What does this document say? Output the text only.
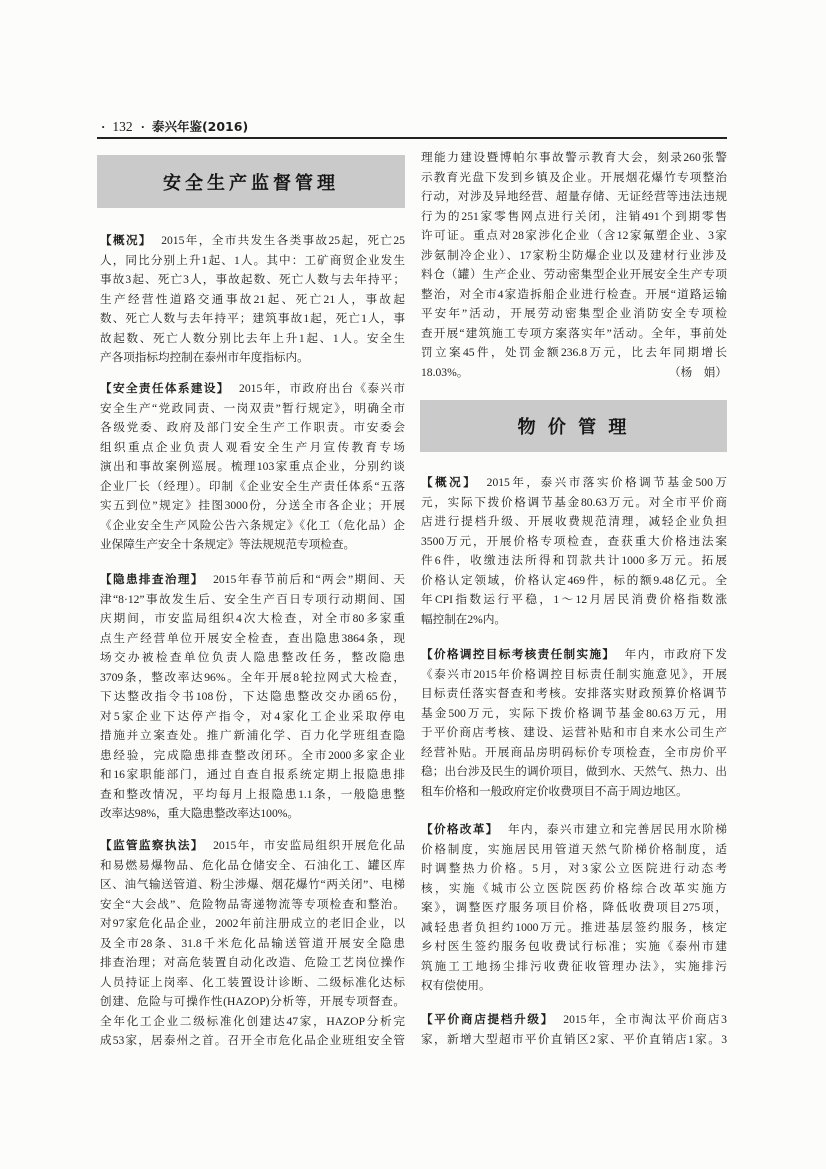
· 132 · 泰兴年鉴(2016)
安全生产监督管理
【概况】 2015年，全市共发生各类事故25起，死亡25
人，同比分别上升1起、1人。其中：工矿商贸企业发生
事故3起、死亡3人，事故起数、死亡人数与去年持平；
生产经营性道路交通事故21起、死亡21人，事故起
数、死亡人数与去年持平；建筑事故1起，死亡1人，事
故起数、死亡人数分别比去年上升1起、1人。安全生
产各项指标均控制在泰州市年度指标内。
【安全责任体系建设】 2015年，市政府出台《泰兴市
安全生产“党政同责、一岗双责”暂行规定》，明确全市
各级党委、政府及部门安全生产工作职责。市安委会
组织重点企业负责人观看安全生产月宣传教育专场
演出和事故案例巡展。梳理103家重点企业，分别约谈
企业厂长（经理）。印制《企业安全生产责任体系“五落
实五到位”规定》挂图3000份，分送全市各企业；开展
《企业安全生产风险公告六条规定》《化工（危化品）企
业保障生产安全十条规定》等法规规范专项检查。
【隐患排查治理】 2015年春节前后和“两会”期间、天
津“8·12”事故发生后、安全生产百日专项行动期间、国
庆期间，市安监局组织4次大检查，对全市80多家重
点生产经营单位开展安全检查，查出隐患3864条，现
场交办被检查单位负责人隐患整改任务，整改隐患
3709条，整改率达96%。全年开展8轮拉网式大检查，
下达整改指令书108份，下达隐患整改交办函65份，
对5家企业下达停产指令，对4家化工企业采取停电
措施并立案查处。推广新浦化学、百力化学班组查隐
患经验，完成隐患排查整改闭环。全市2000多家企业
和16家职能部门，通过自查自报系统定期上报隐患排
查和整改情况，平均每月上报隐患1.1条，一般隐患整
改率达98%，重大隐患整改率达100%。
【监管监察执法】 2015年，市安监局组织开展危化品
和易燃易爆物品、危化品仓储安全、石油化工、罐区库
区、油气输送管道、粉尘涉爆、烟花爆竹“两关闭”、电梯
安全“大会战”、危险物品寄递物流等专项检查和整治。
对97家危化品企业，2002年前注册成立的老旧企业，以
及全市28条、31.8千米危化品输送管道开展安全隐患
排查治理；对高危装置自动化改造、危险工艺岗位操作
人员持证上岗率、化工装置设计诊断、二级标准化达标
创建、危险与可操作性(HAZOP)分析等，开展专项督查。
全年化工企业二级标准化创建达47家，HAZOP分析完
成53家，居泰州之首。召开全市危化品企业班组安全管
理能力建设暨博帕尔事故警示教育大会，刻录260张警
示教育光盘下发到乡镇及企业。开展烟花爆竹专项整治
行动，对涉及异地经营、超量存储、无证经营等违法违规
行为的251家零售网点进行关闭，注销491个到期零售
许可证。重点对28家涉化企业（含12家氟塑企业、3家
涉氨制冷企业）、17家粉尘防爆企业以及建材行业涉及
料仓（罐）生产企业、劳动密集型企业开展安全生产专项
整治，对全市4家造拆船企业进行检查。开展“道路运输
平安年”活动，开展劳动密集型企业消防安全专项检
查开展“建筑施工专项方案落实年”活动。全年，事前处
罚立案45件，处罚金额236.8万元，比去年同期增长
18.03%。	（杨　娟）
物 价 管 理
【概况】 2015年，泰兴市落实价格调节基金500万
元，实际下拨价格调节基金80.63万元。对全市平价商
店进行提档升级、开展收费规范清理，减轻企业负担
3500万元，开展价格专项检查，查获重大价格违法案
件6件，收缴违法所得和罚款共计1000多万元。拓展
价格认定领域，价格认定469件，标的额9.48亿元。全
年CPI指数运行平稳，1～12月居民消费价格指数涨
幅控制在2%内。
【价格调控目标考核责任制实施】 年内，市政府下发
《泰兴市2015年价格调控目标责任制实施意见》，开展
目标责任落实督查和考核。安排落实财政预算价格调节
基金500万元，实际下拨价格调节基金80.63万元，用
于平价商店考核、建设、运营补贴和市自来水公司生产
经营补贴。开展商品房明码标价专项检查，全市房价平
稳；出台涉及民生的调价项目，做到水、天然气、热力、出
租车价格和一般政府定价收费项目不高于周边地区。
【价格改革】 年内，泰兴市建立和完善居民用水阶梯
价格制度，实施居民用管道天然气阶梯价格制度，适
时调整热力价格。5月，对3家公立医院进行动态考
核，实施《城市公立医院医药价格综合改革实施方
案》，调整医疗服务项目价格，降低收费项目275项，
减轻患者负担约1000万元。推进基层签约服务，核定
乡村医生签约服务包收费试行标准；实施《泰州市建
筑施工工地扬尘排污收费征收管理办法》，实施排污
权有偿使用。
【平价商店提档升级】 2015年，全市淘汰平价商店3
家，新增大型超市平价直销区2家、平价直销店1家。3
